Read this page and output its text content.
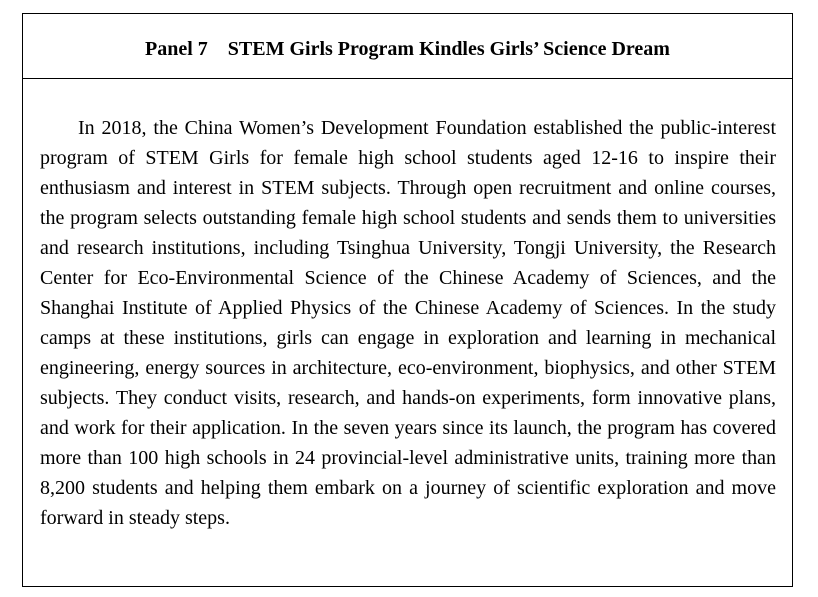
Panel 7 STEM Girls Program Kindles Girls’ Science Dream

In 2018, the China Women’s Development Foundation established the public-interest program of STEM Girls for female high school students aged 12-16 to inspire their enthusiasm and interest in STEM subjects. Through open recruitment and online courses, the program selects outstanding female high school students and sends them to universities and research institutions, including Tsinghua University, Tongji University, the Research Center for Eco-Environmental Science of the Chinese Academy of Sciences, and the Shanghai Institute of Applied Physics of the Chinese Academy of Sciences. In the study camps at these institutions, girls can engage in exploration and learning in mechanical engineering, energy sources in architecture, eco-environment, biophysics, and other STEM subjects. They conduct visits, research, and hands-on experiments, form innovative plans, and work for their application. In the seven years since its launch, the program has covered more than 100 high schools in 24 provincial-level administrative units, training more than 8,200 students and helping them embark on a journey of scientific exploration and move forward in steady steps.
